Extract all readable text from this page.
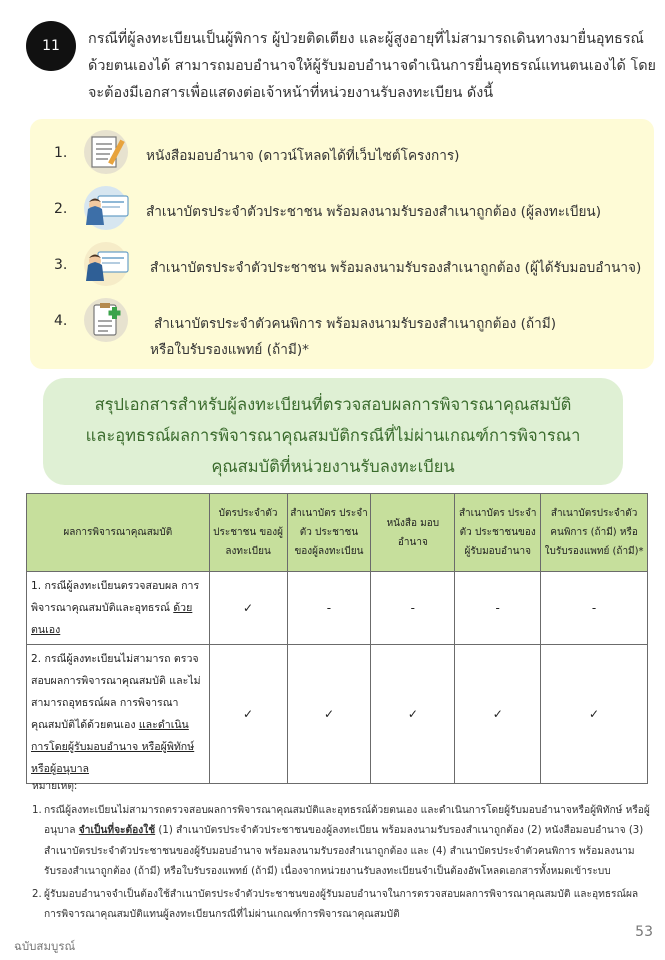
11	กรณีที่ผู้ลงทะเบียนเป็นผู้พิการ ผู้ป่วยติดเตียง และผู้สูงอายุที่ไม่สามารถเดินทางมายื่นอุทธรณ์ด้วยตนเองได้ สามารถมอบอำนาจให้ผู้รับมอบอำนาจดำเนินการยื่นอุทธรณ์แทนตนเองได้ โดยจะต้องมีเอกสารเพื่อแสดงต่อเจ้าหน้าที่หน่วยงานรับลงทะเบียน ดังนี้

1.	หนังสือมอบอำนาจ (ดาวน์โหลดได้ที่เว็บไซต์โครงการ)
2.	สำเนาบัตรประจำตัวประชาชน พร้อมลงนามรับรองสำเนาถูกต้อง (ผู้ลงทะเบียน)
3.	สำเนาบัตรประจำตัวประชาชน พร้อมลงนามรับรองสำเนาถูกต้อง (ผู้ได้รับมอบอำนาจ)
4.	สำเนาบัตรประจำตัวคนพิการ พร้อมลงนามรับรองสำเนาถูกต้อง (ถ้ามี)
หรือใบรับรองแพทย์ (ถ้ามี)*
สรุปเอกสารสำหรับผู้ลงทะเบียนที่ตรวจสอบผลการพิจารณาคุณสมบัติ
และอุทธรณ์ผลการพิจารณาคุณสมบัติกรณีที่ไม่ผ่านเกณฑ์การพิจารณา
คุณสมบัติที่หน่วยงานรับลงทะเบียน
ผลการพิจารณาคุณสมบัติ	บัตรประจำตัว ประชาชน ของผู้ลงทะเบียน	สำเนาบัตร ประจำตัว ประชาชน ของผู้ลงทะเบียน	หนังสือ มอบอำนาจ	สำเนาบัตร ประจำตัว ประชาชนของ ผู้รับมอบอำนาจ	สำเนาบัตรประจำตัว คนพิการ (ถ้ามี) หรือใบรับรองแพทย์ (ถ้ามี)*
1. กรณีผู้ลงทะเบียนตรวจสอบผล การพิจารณาคุณสมบัติและอุทธรณ์ ด้วยตนเอง	✓	-	-	-	-
2. กรณีผู้ลงทะเบียนไม่สามารถ ตรวจสอบผลการพิจารณาคุณสมบัติ และไม่สามารถอุทธรณ์ผล การพิจารณาคุณสมบัติได้ด้วยตนเอง และดำเนินการโดยผู้รับมอบอำนาจ หรือผู้พิทักษ์ หรือผู้อนุบาล	✓	✓	✓	✓	✓
หมายเหตุ:
1. กรณีผู้ลงทะเบียนไม่สามารถตรวจสอบผลการพิจารณาคุณสมบัติและอุทธรณ์ด้วยตนเอง และดำเนินการโดยผู้รับมอบอำนาจหรือผู้พิทักษ์ หรือผู้อนุบาล จำเป็นที่จะต้องใช้ (1) สำเนาบัตรประจำตัวประชาชนของผู้ลงทะเบียน พร้อมลงนามรับรองสำเนาถูกต้อง (2) หนังสือมอบอำนาจ (3) สำเนาบัตรประจำตัวประชาชนของผู้รับมอบอำนาจ พร้อมลงนามรับรองสำเนาถูกต้อง และ (4) สำเนาบัตรประจำตัวคนพิการ พร้อมลงนามรับรองสำเนาถูกต้อง (ถ้ามี) หรือใบรับรองแพทย์ (ถ้ามี) เนื่องจากหน่วยงานรับลงทะเบียนจำเป็นต้องอัพโหลดเอกสารทั้งหมดเข้าระบบ
2. ผู้รับมอบอำนาจจำเป็นต้องใช้สำเนาบัตรประจำตัวประชาชนของผู้รับมอบอำนาจในการตรวจสอบผลการพิจารณาคุณสมบัติ และอุทธรณ์ผลการพิจารณาคุณสมบัติแทนผู้ลงทะเบียนกรณีที่ไม่ผ่านเกณฑ์การพิจารณาคุณสมบัติ
53
ฉบับสมบูรณ์
